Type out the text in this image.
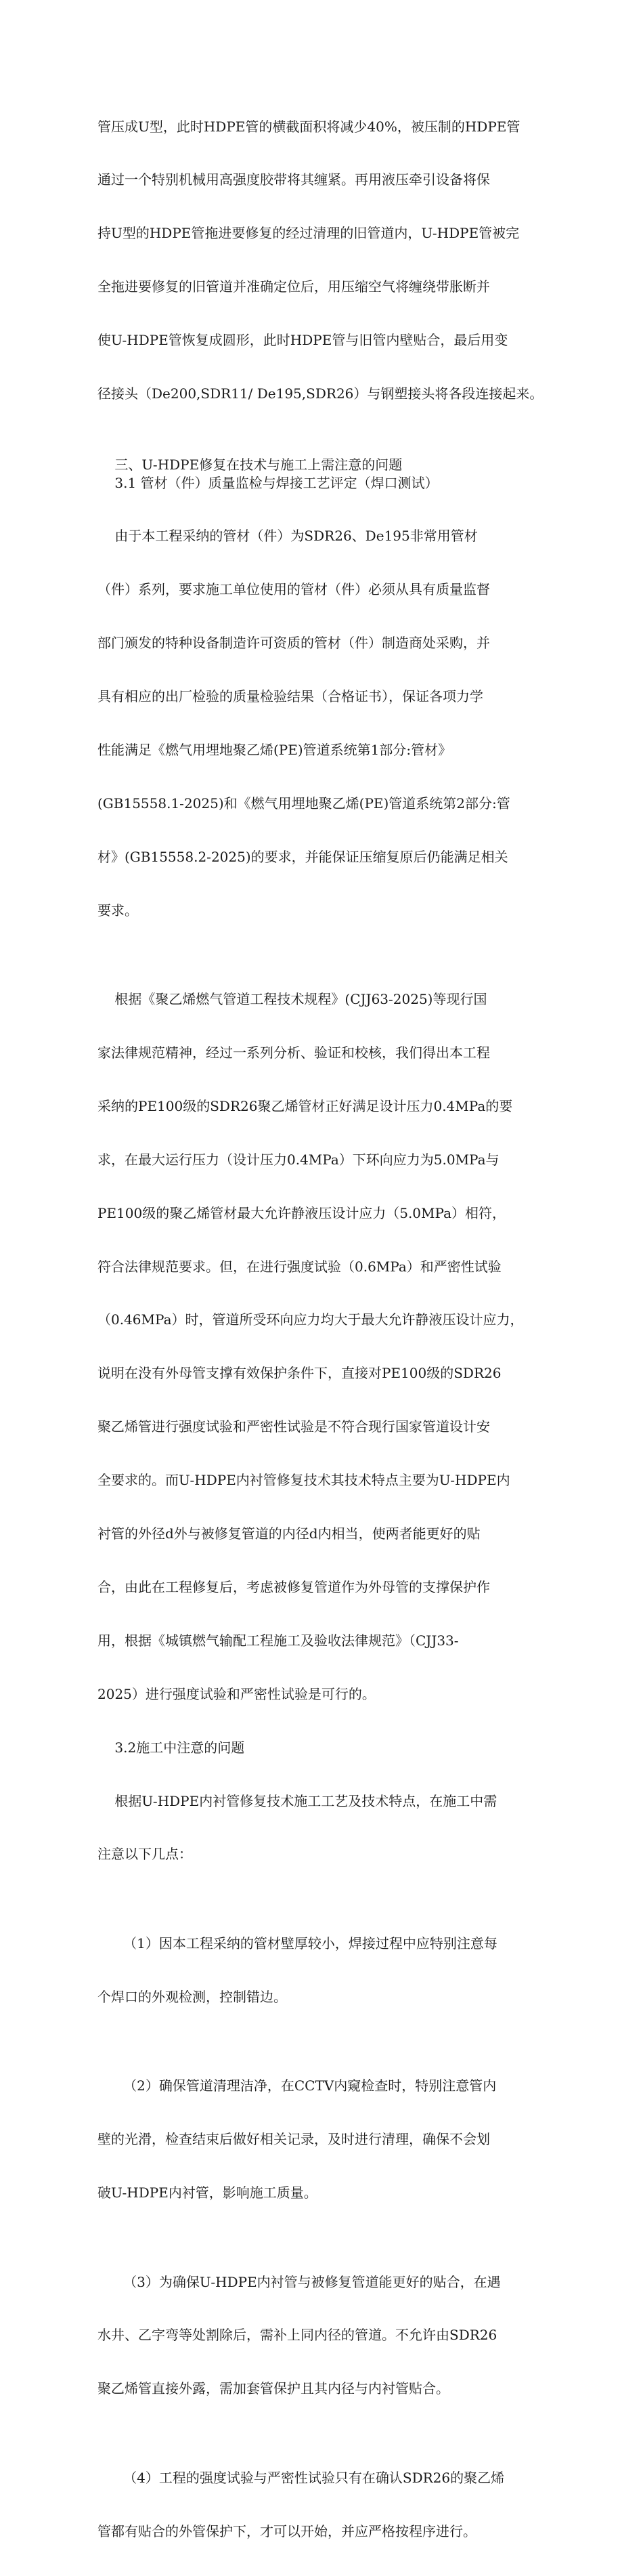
管压成U型，此时HDPE管的横截面积将减少40%，被压制的HDPE管

通过一个特别机械用高强度胶带将其缠紧。再用液压牵引设备将保

持U型的HDPE管拖进要修复的经过清理的旧管道内，U-HDPE管被完

全拖进要修复的旧管道并准确定位后，用压缩空气将缠绕带胀断并

使U-HDPE管恢复成圆形，此时HDPE管与旧管内壁贴合，最后用变

径接头（De200,SDR11/ De195,SDR26）与钢塑接头将各段连接起来。

三、U-HDPE修复在技术与施工上需注意的问题
3.1 管材（件）质量监检与焊接工艺评定（焊口测试）

由于本工程采纳的管材（件）为SDR26、De195非常用管材

（件）系列，要求施工单位使用的管材（件）必须从具有质量监督

部门颁发的特种设备制造许可资质的管材（件）制造商处采购，并

具有相应的出厂检验的质量检验结果（合格证书），保证各项力学

性能满足《燃气用埋地聚乙烯(PE)管道系统第1部分:管材》

(GB15558.1-2025)和《燃气用埋地聚乙烯(PE)管道系统第2部分:管

材》(GB15558.2-2025)的要求，并能保证压缩复原后仍能满足相关

要求。

根据《聚乙烯燃气管道工程技术规程》(CJJ63-2025)等现行国

家法律规范精神，经过一系列分析、验证和校核，我们得出本工程

采纳的PE100级的SDR26聚乙烯管材正好满足设计压力0.4MPa的要

求，在最大运行压力（设计压力0.4MPa）下环向应力为5.0MPa与

PE100级的聚乙烯管材最大允许静液压设计应力（5.0MPa）相符，

符合法律规范要求。但，在进行强度试验（0.6MPa）和严密性试验

（0.46MPa）时，管道所受环向应力均大于最大允许静液压设计应力，

说明在没有外母管支撑有效保护条件下，直接对PE100级的SDR26

聚乙烯管进行强度试验和严密性试验是不符合现行国家管道设计安

全要求的。而U-HDPE内衬管修复技术其技术特点主要为U-HDPE内

衬管的外径d外与被修复管道的内径d内相当，使两者能更好的贴

合，由此在工程修复后，考虑被修复管道作为外母管的支撑保护作

用，根据《城镇燃气输配工程施工及验收法律规范》（CJJ33-

2025）进行强度试验和严密性试验是可行的。

3.2施工中注意的问题

根据U-HDPE内衬管修复技术施工工艺及技术特点，在施工中需

注意以下几点：

（1）因本工程采纳的管材壁厚较小，焊接过程中应特别注意每

个焊口的外观检测，控制错边。

（2）确保管道清理洁净，在CCTV内窥检查时，特别注意管内

壁的光滑，检查结束后做好相关记录，及时进行清理，确保不会划

破U-HDPE内衬管，影响施工质量。

（3）为确保U-HDPE内衬管与被修复管道能更好的贴合，在遇

水井、乙字弯等处割除后，需补上同内径的管道。不允许由SDR26

聚乙烯管直接外露，需加套管保护且其内径与内衬管贴合。

（4）工程的强度试验与严密性试验只有在确认SDR26的聚乙烯

管都有贴合的外管保护下，才可以开始，并应严格按程序进行。
